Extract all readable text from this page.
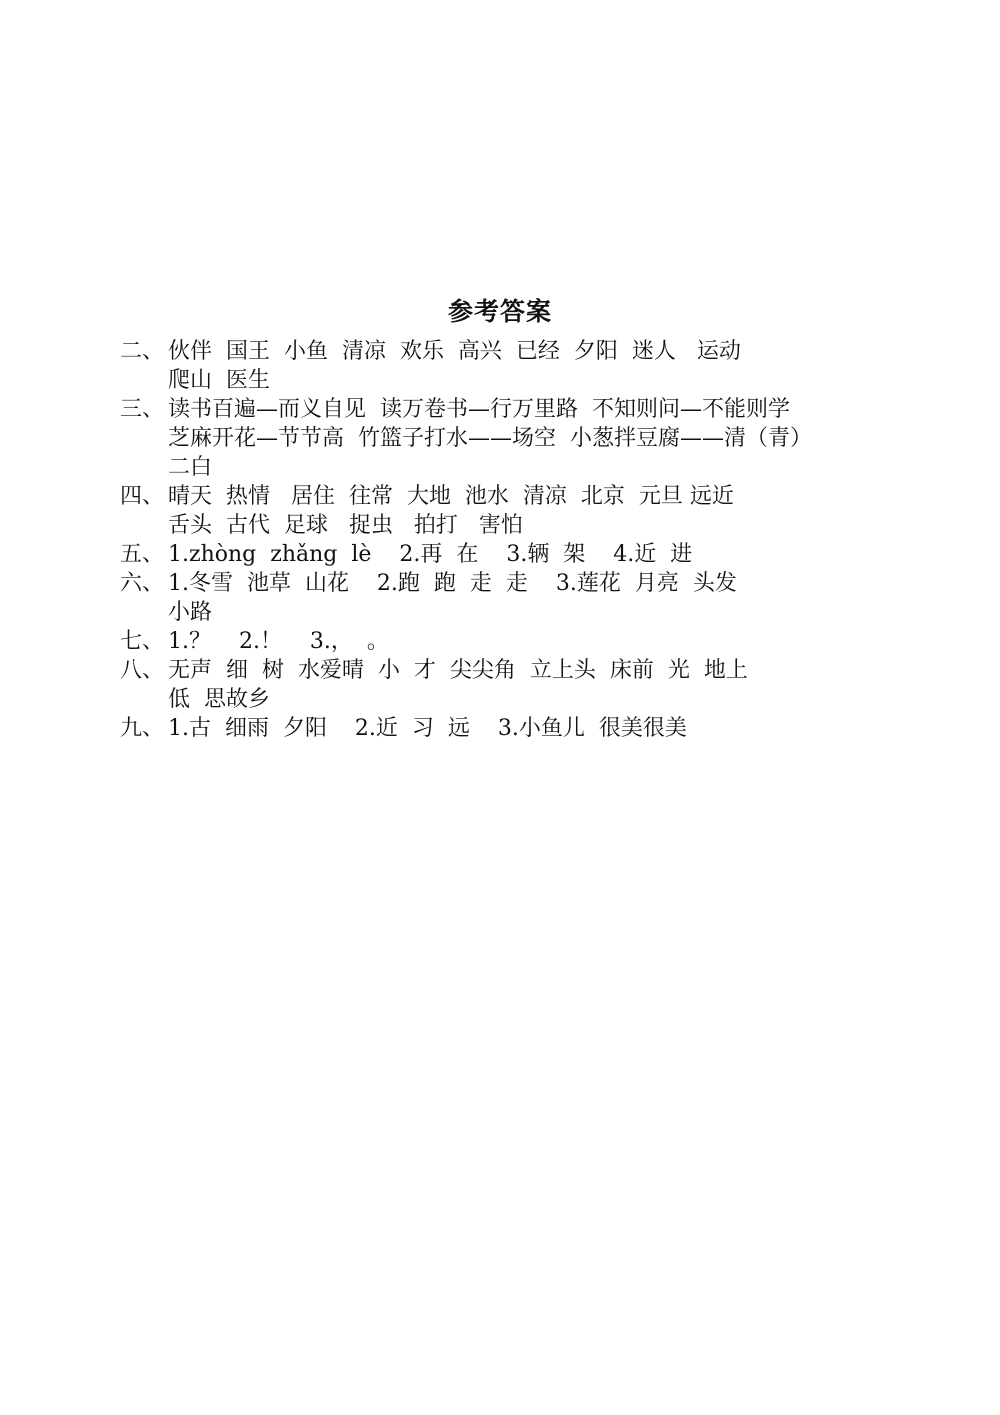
参考答案
二、 伙伴  国王  小鱼  清凉  欢乐  高兴  已经  夕阳  迷人   运动
爬山  医生
三、 读书百遍—而义自见  读万卷书—行万里路  不知则问—不能则学
芝麻开花—节节高  竹篮子打水——场空  小葱拌豆腐——清（青）
二白
四、 晴天  热情   居住  往常  大地  池水  清凉  北京  元旦 远近
舌头  古代  足球   捉虫   拍打   害怕
五、 1.zhòng  zhǎng  lè    2.再  在    3.辆  架    4.近  进
六、 1.冬雪  池草  山花    2.跑  跑  走  走    3.莲花  月亮  头发
小路
七、 1.？    2.！    3.，  。
八、 无声  细  树  水爱晴  小  才  尖尖角  立上头  床前  光  地上
低  思故乡
九、 1.古  细雨  夕阳    2.近  习  远    3.小鱼儿  很美很美
